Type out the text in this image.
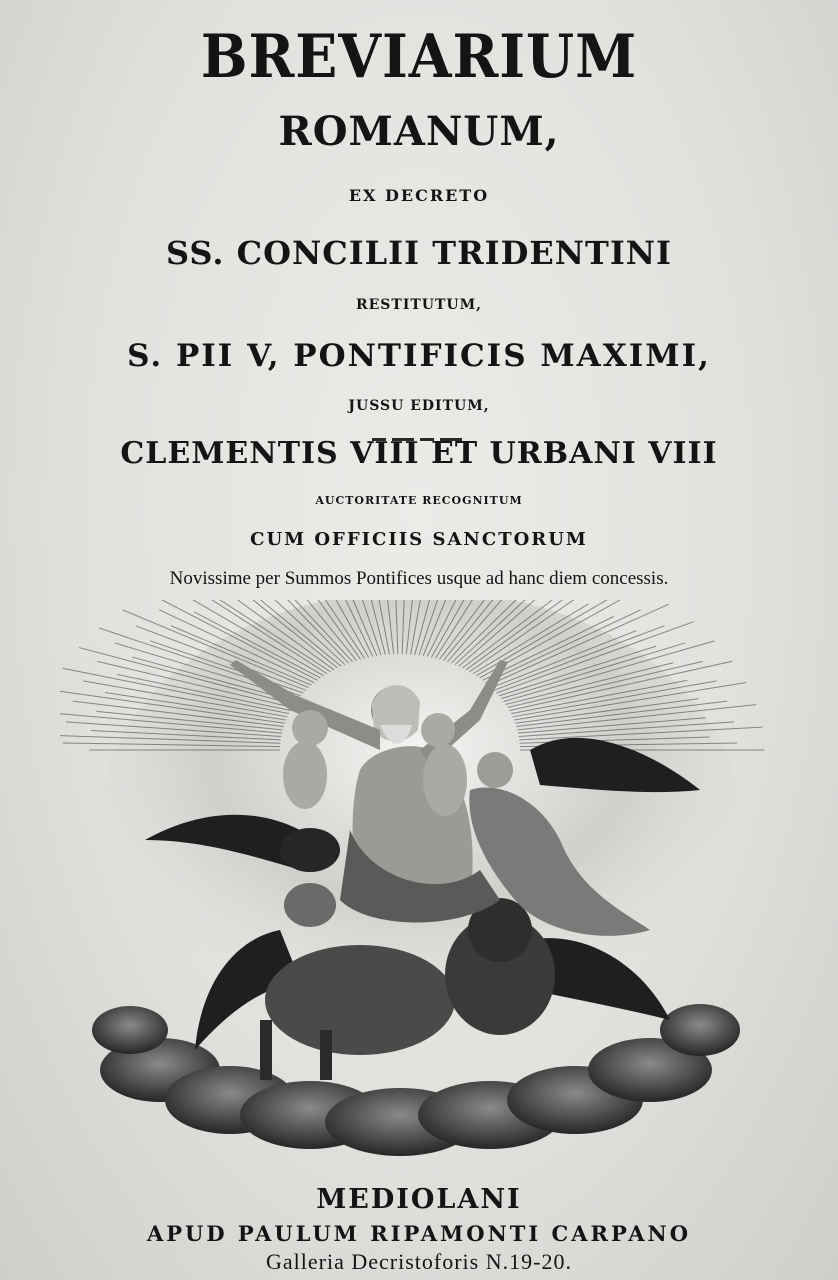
BREVIARIUM
ROMANUM,
EX DECRETO
SS. CONCILII TRIDENTINI
RESTITUTUM,
S. PII V, PONTIFICIS MAXIMI,
JUSSU EDITUM,
CLEMENTIS VIII ET URBANI VIII
AUCTORITATE RECOGNITUM
CUM OFFICIIS SANCTORUM
Novissime per Summos Pontifices usque ad hanc diem concessis.
MEDIOLANI
APUD PAULUM RIPAMONTI CARPANO
Galleria Decristoforis N.19-20.
